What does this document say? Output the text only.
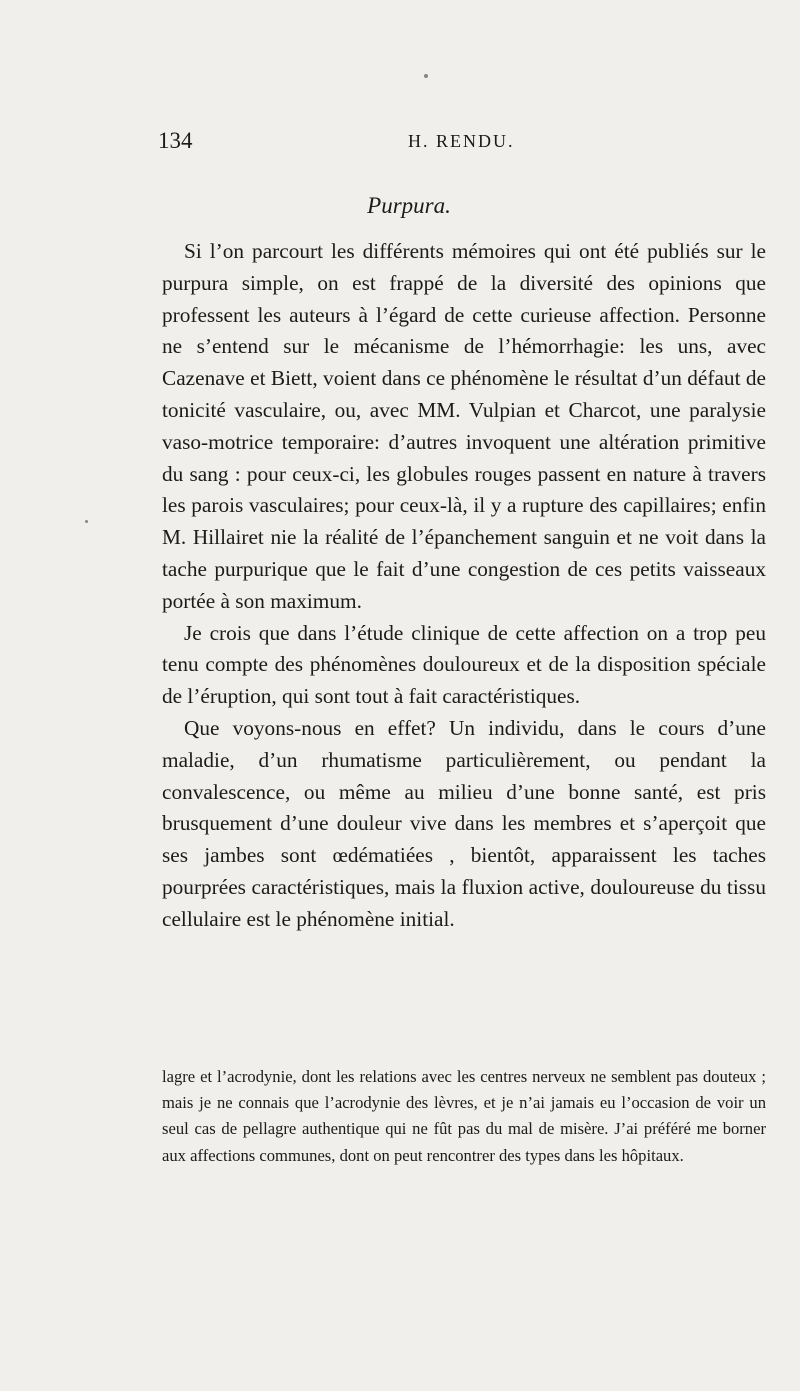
134	H. RENDU.
Purpura.

Si l’on parcourt les différents mémoires qui ont été publiés sur le purpura simple, on est frappé de la diversité des opinions que professent les auteurs à l’égard de cette curieuse affection. Personne ne s’entend sur le mécanisme de l’hémorrhagie: les uns, avec Cazenave et Biett, voient dans ce phénomène le résultat d’un défaut de tonicité vasculaire, ou, avec MM. Vulpian et Charcot, une paralysie vaso-motrice temporaire: d’autres invoquent une altération primitive du sang : pour ceux-ci, les globules rouges passent en nature à travers les parois vasculaires; pour ceux-là, il y a rupture des capillaires; enfin M. Hillairet nie la réalité de l’épanchement sanguin et ne voit dans la tache purpurique que le fait d’une congestion de ces petits vaisseaux portée à son maximum.

Je crois que dans l’étude clinique de cette affection on a trop peu tenu compte des phénomènes douloureux et de la disposition spéciale de l’éruption, qui sont tout à fait caractéristiques.

Que voyons-nous en effet? Un individu, dans le cours d’une maladie, d’un rhumatisme particulièrement, ou pendant la convalescence, ou même au milieu d’une bonne santé, est pris brusquement d’une douleur vive dans les membres et s’aperçoit que ses jambes sont œdématiées , bientôt, apparaissent les taches pourprées caractéristiques, mais la fluxion active, douloureuse du tissu cellulaire est le phénomène initial.

lagre et l’acrodynie, dont les relations avec les centres nerveux ne semblent pas douteux ; mais je ne connais que l’acrodynie des lèvres, et je n’ai jamais eu l’occasion de voir un seul cas de pellagre authentique qui ne fût pas du mal de misère. J’ai préféré me borner aux affections communes, dont on peut rencontrer des types dans les hôpitaux.
